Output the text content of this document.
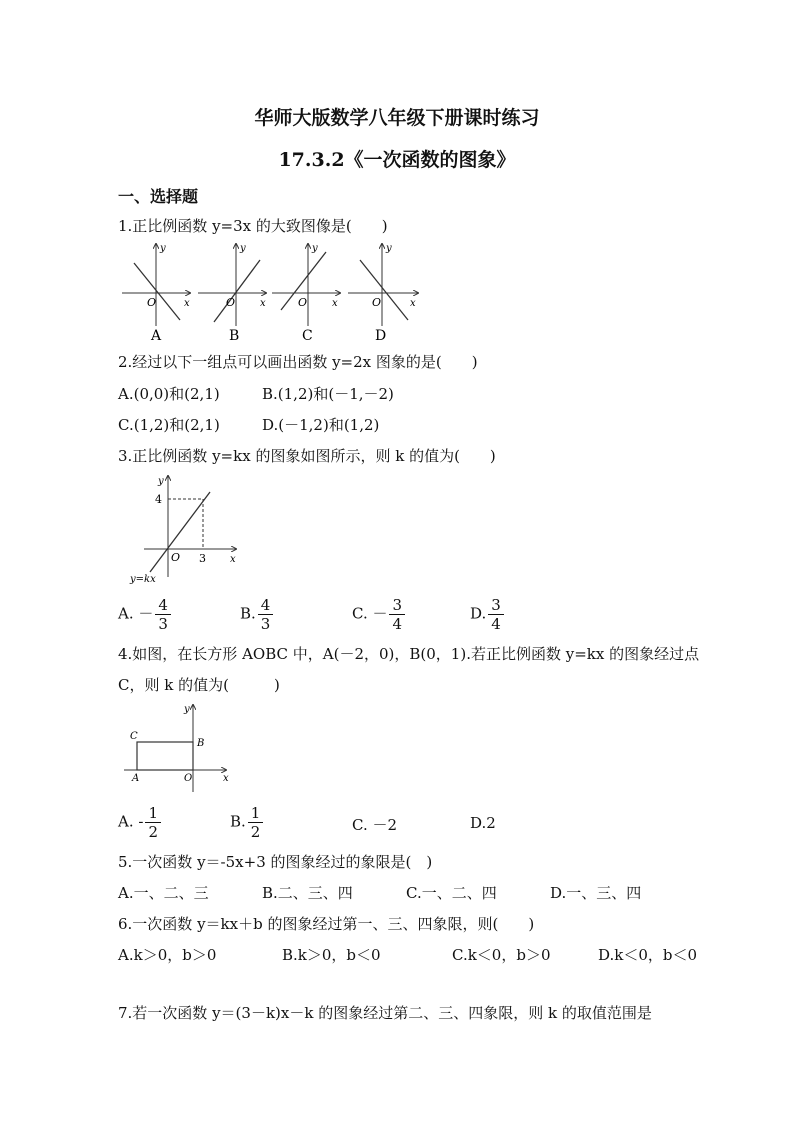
华师大版数学八年级下册课时练习
17.3.2《一次函数的图象》
一、选择题
1.正比例函数 y=3x 的大致图像是(　　)
y
x
O
A
y
x
O
B
y
x
O
C
y
x
O
D
2.经过以下一组点可以画出函数 y=2x 图象的是(　　)
A.(0,0)和(2,1)	B.(1,2)和(－1,－2)
C.(1,2)和(2,1)	D.(－1,2)和(1,2)
3.正比例函数 y=kx 的图象如图所示，则 k 的值为(　　)
4
3
O
y
x
y=kx
A. － $\frac{4}{3}$	B. $\frac{4}{3}$	C. － $\frac{3}{4}$	D. $\frac{3}{4}$
4.如图，在长方形 AOBC 中，A(－2，0)，B(0，1).若正比例函数 y=kx 的图象经过点
C，则 k 的值为(　　　)
C
B
A	O
y
x
A. - $\frac{1}{2}$	B. $\frac{1}{2}$	C. －2	D.2
5.一次函数 y＝-5x+3 的图象经过的象限是(　)
A.一、二、三	B.二、三、四	C.一、二、四	D.一、三、四
6.一次函数 y＝kx＋b 的图象经过第一、三、四象限，则(　　)
A.k＞0，b＞0	B.k＞0，b＜0	C.k＜0，b＞0	D.k＜0，b＜0
7.若一次函数 y＝(3－k)x－k 的图象经过第二、三、四象限，则 k 的取值范围是
